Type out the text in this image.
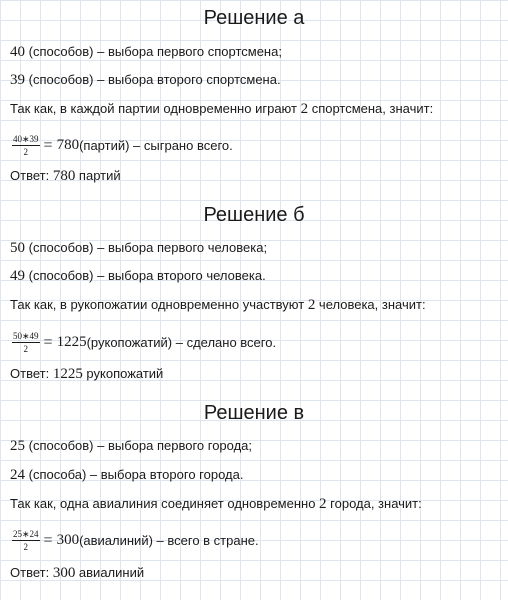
Решение а
40 (способов) – выбора первого спортсмена;
39 (способов) – выбора второго спортсмена.
Так как, в каждой партии одновременно играют 2 спортсмена, значит:
$\frac{40∗39}{2} = 780$ (партий) – сыграно всего.
Ответ: 780 партий
Решение б
50 (способов) – выбора первого человека;
49 (способов) – выбора второго человека.
Так как, в рукопожатии одновременно участвуют 2 человека, значит:
$\frac{50∗49}{2} = 1225$ (рукопожатий) – сделано всего.
Ответ: 1225 рукопожатий
Решение в
25 (способов) – выбора первого города;
24 (способа) – выбора второго города.
Так как, одна авиалиния соединяет одновременно 2 города, значит:
$\frac{25∗24}{2} = 300$ (авиалиний) – всего в стране.
Ответ: 300 авиалиний
